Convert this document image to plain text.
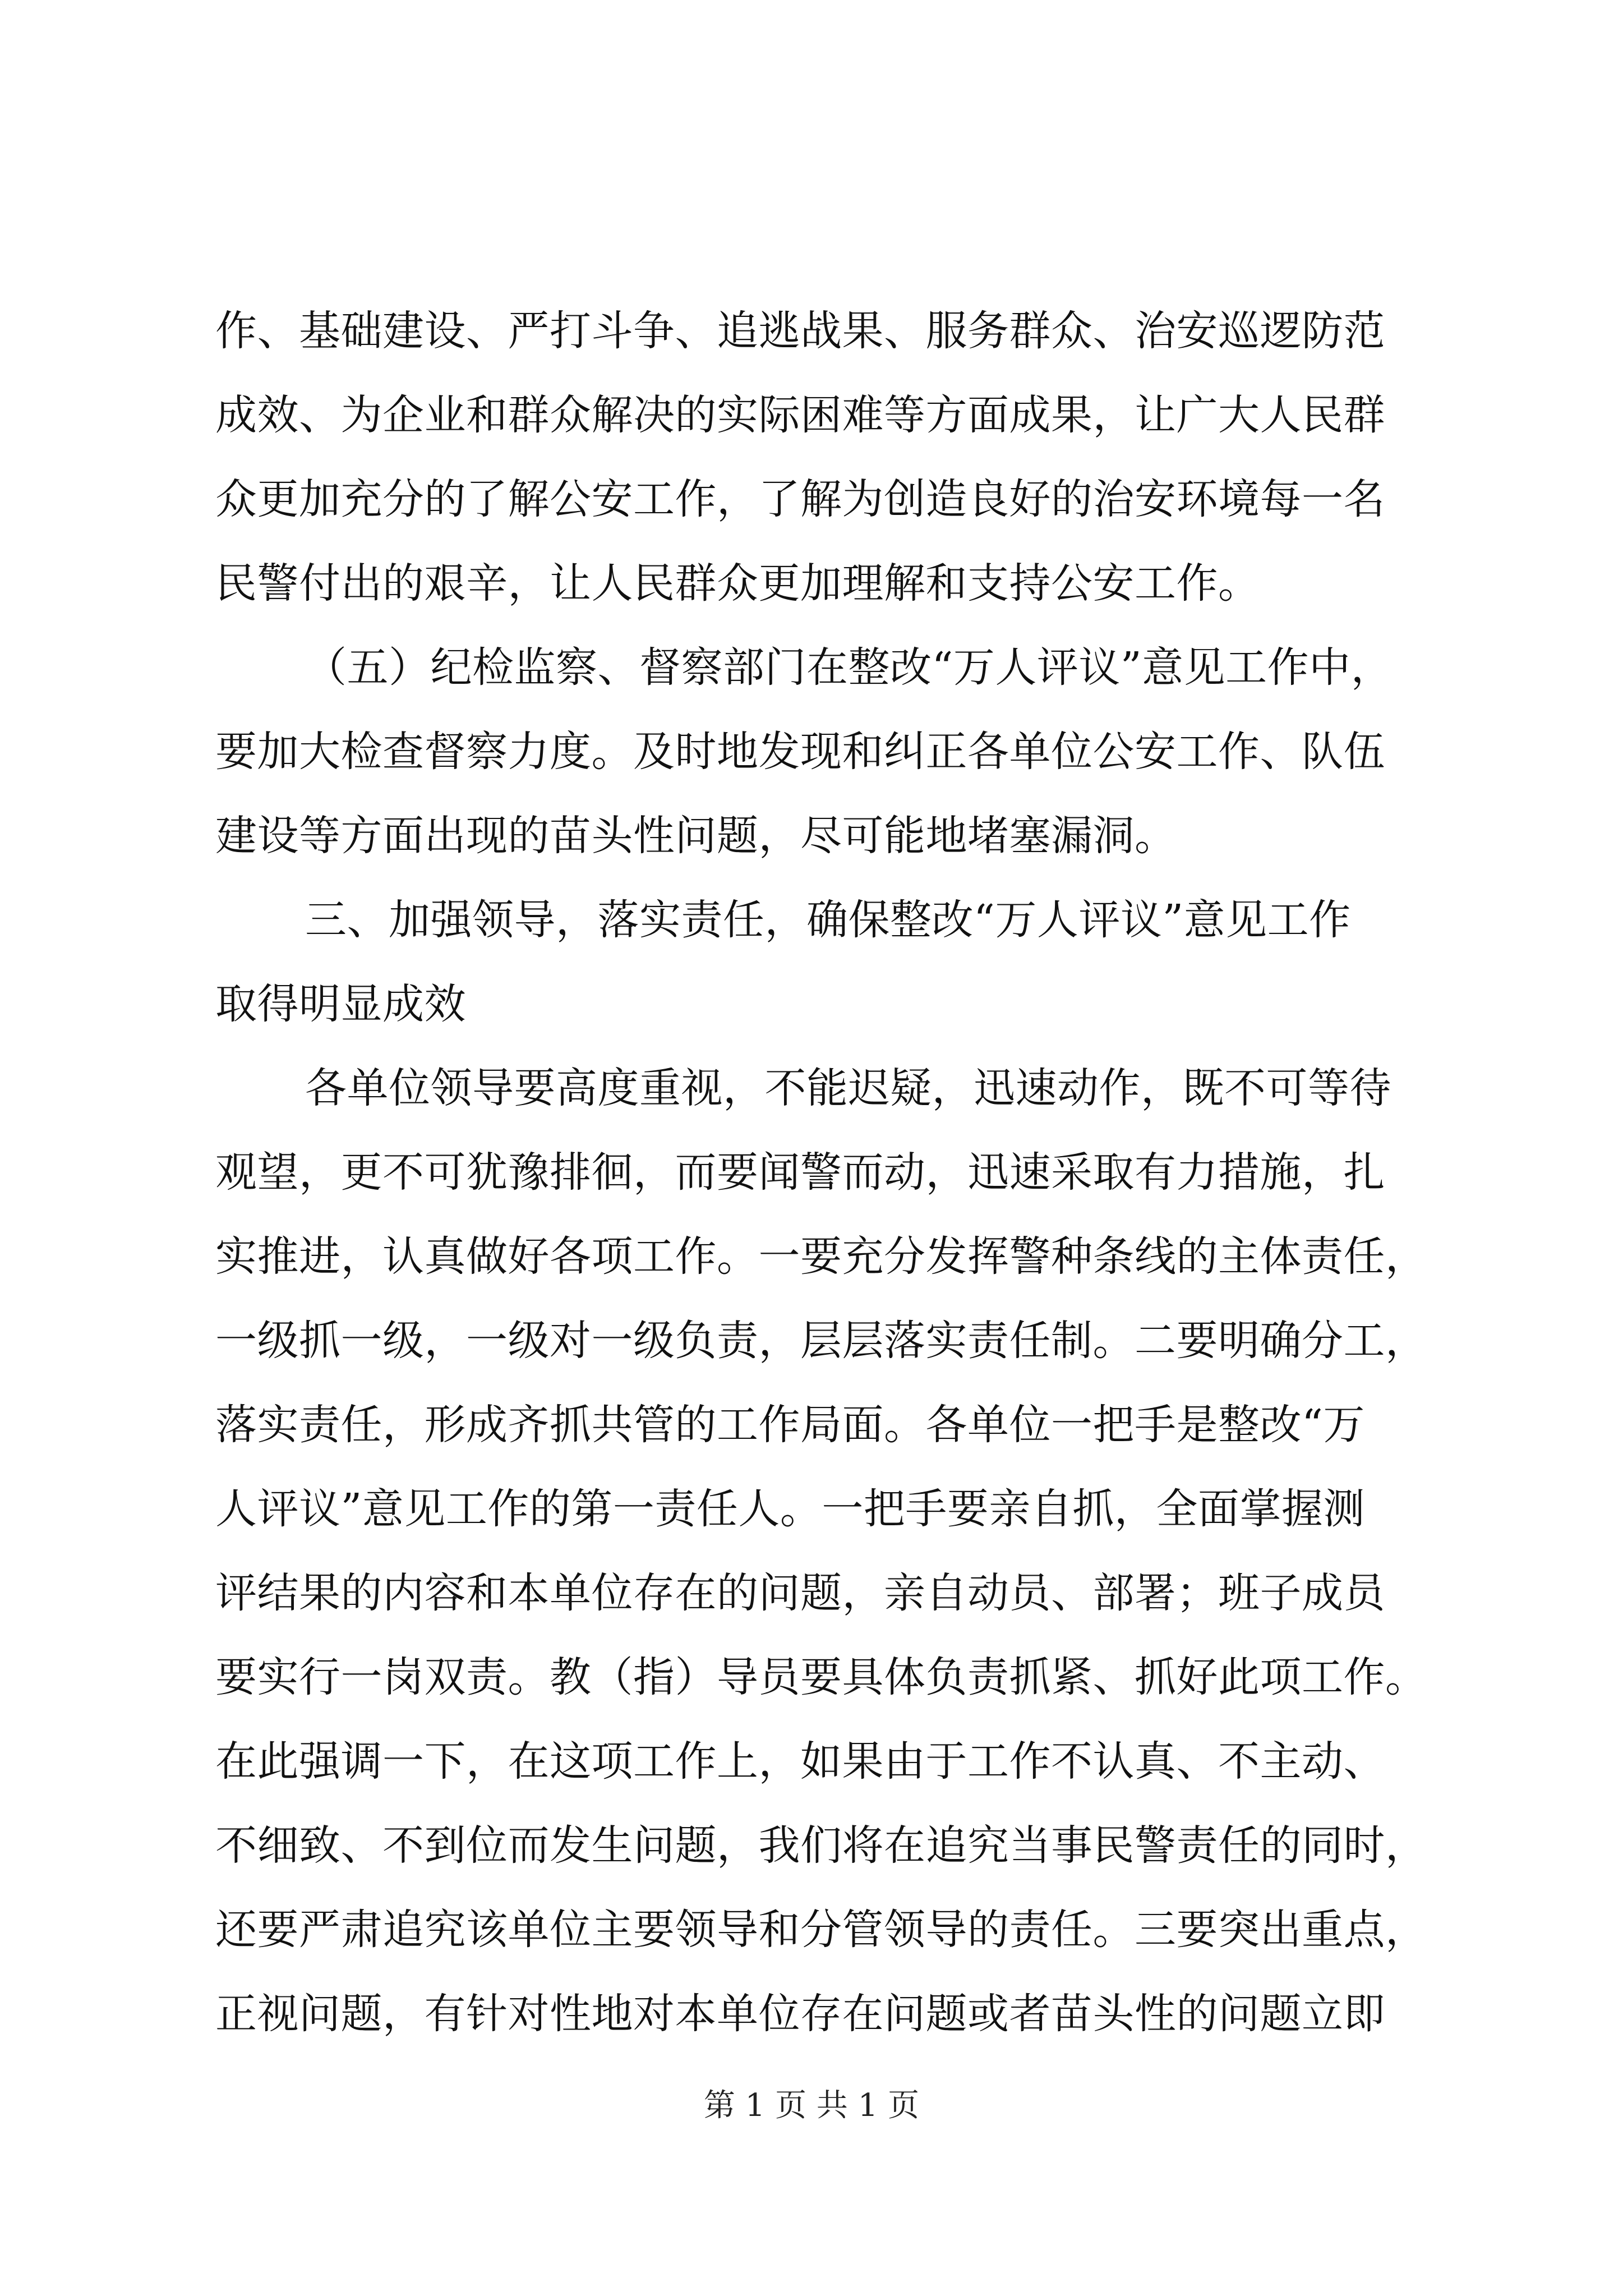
作、基础建设、严打斗争、追逃战果、服务群众、治安巡逻防范
成效、为企业和群众解决的实际困难等方面成果，让广大人民群
众更加充分的了解公安工作，了解为创造良好的治安环境每一名
民警付出的艰辛，让人民群众更加理解和支持公安工作。
（五）纪检监察、督察部门在整改“万人评议”意见工作中，
要加大检查督察力度。及时地发现和纠正各单位公安工作、队伍
建设等方面出现的苗头性问题，尽可能地堵塞漏洞。
三、加强领导，落实责任，确保整改“万人评议”意见工作
取得明显成效
各单位领导要高度重视，不能迟疑，迅速动作，既不可等待
观望，更不可犹豫排徊，而要闻警而动，迅速采取有力措施，扎
实推进，认真做好各项工作。一要充分发挥警种条线的主体责任，
一级抓一级，一级对一级负责，层层落实责任制。二要明确分工，
落实责任，形成齐抓共管的工作局面。各单位一把手是整改“万
人评议”意见工作的第一责任人。一把手要亲自抓，全面掌握测
评结果的内容和本单位存在的问题，亲自动员、部署；班子成员
要实行一岗双责。教（指）导员要具体负责抓紧、抓好此项工作。
在此强调一下，在这项工作上，如果由于工作不认真、不主动、
不细致、不到位而发生问题，我们将在追究当事民警责任的同时，
还要严肃追究该单位主要领导和分管领导的责任。三要突出重点，
正视问题，有针对性地对本单位存在问题或者苗头性的问题立即
第 1 页 共 1 页
